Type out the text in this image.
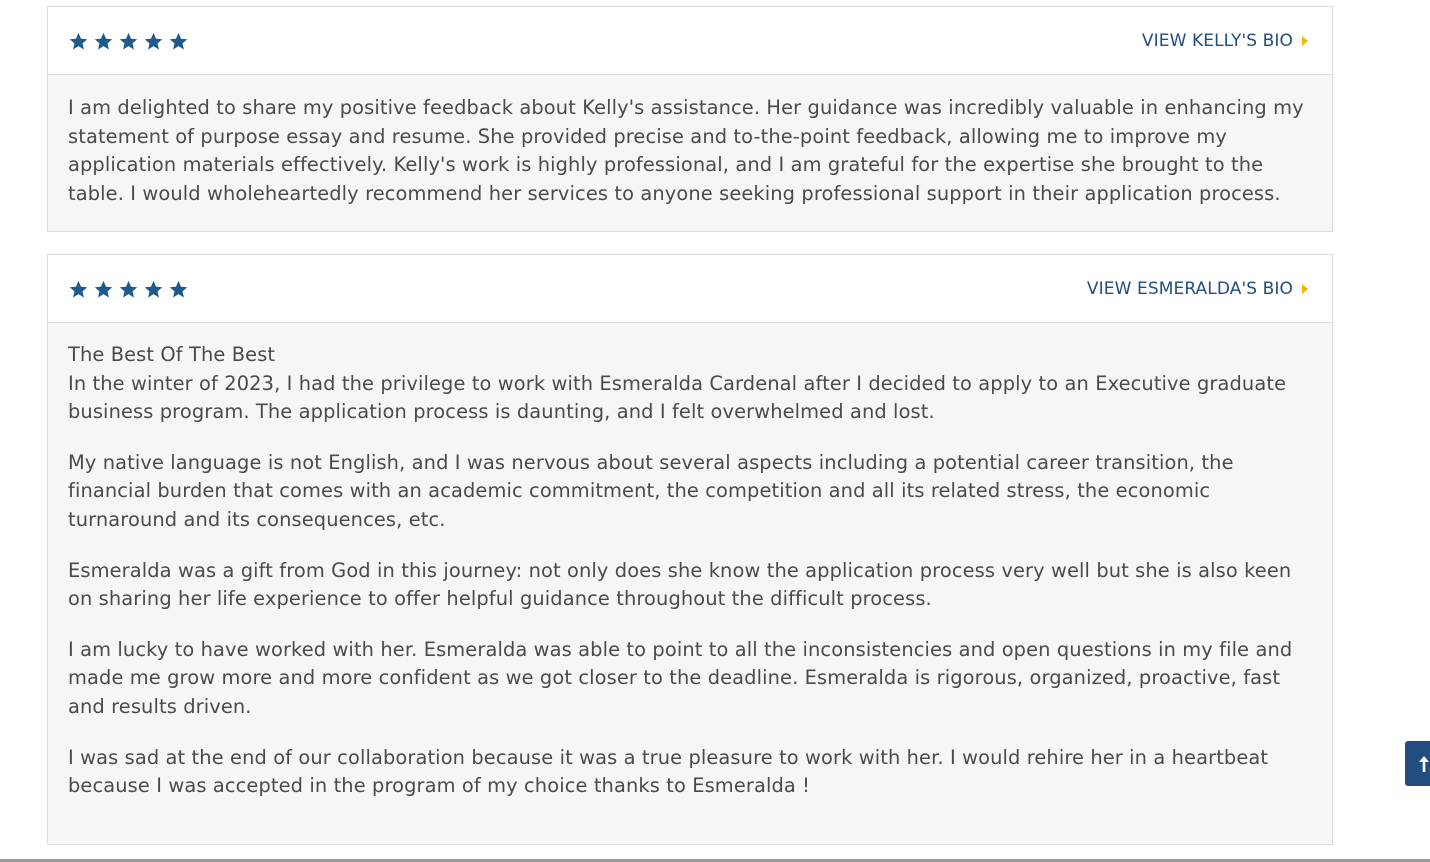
VIEW KELLY'S BIO

I am delighted to share my positive feedback about Kelly's assistance. Her guidance was incredibly valuable in enhancing my statement of purpose essay and resume. She provided precise and to-the-point feedback, allowing me to improve my application materials effectively. Kelly's work is highly professional, and I am grateful for the expertise she brought to the table. I would wholeheartedly recommend her services to anyone seeking professional support in their application process.

VIEW ESMERALDA'S BIO

The Best Of The Best

In the winter of 2023, I had the privilege to work with Esmeralda Cardenal after I decided to apply to an Executive graduate business program. The application process is daunting, and I felt overwhelmed and lost.

My native language is not English, and I was nervous about several aspects including a potential career transition, the financial burden that comes with an academic commitment, the competition and all its related stress, the economic turnaround and its consequences, etc.

Esmeralda was a gift from God in this journey: not only does she know the application process very well but she is also keen on sharing her life experience to offer helpful guidance throughout the difficult process.

I am lucky to have worked with her. Esmeralda was able to point to all the inconsistencies and open questions in my file and made me grow more and more confident as we got closer to the deadline. Esmeralda is rigorous, organized, proactive, fast and results driven.

I was sad at the end of our collaboration because it was a true pleasure to work with her. I would rehire her in a heartbeat because I was accepted in the program of my choice thanks to Esmeralda !
